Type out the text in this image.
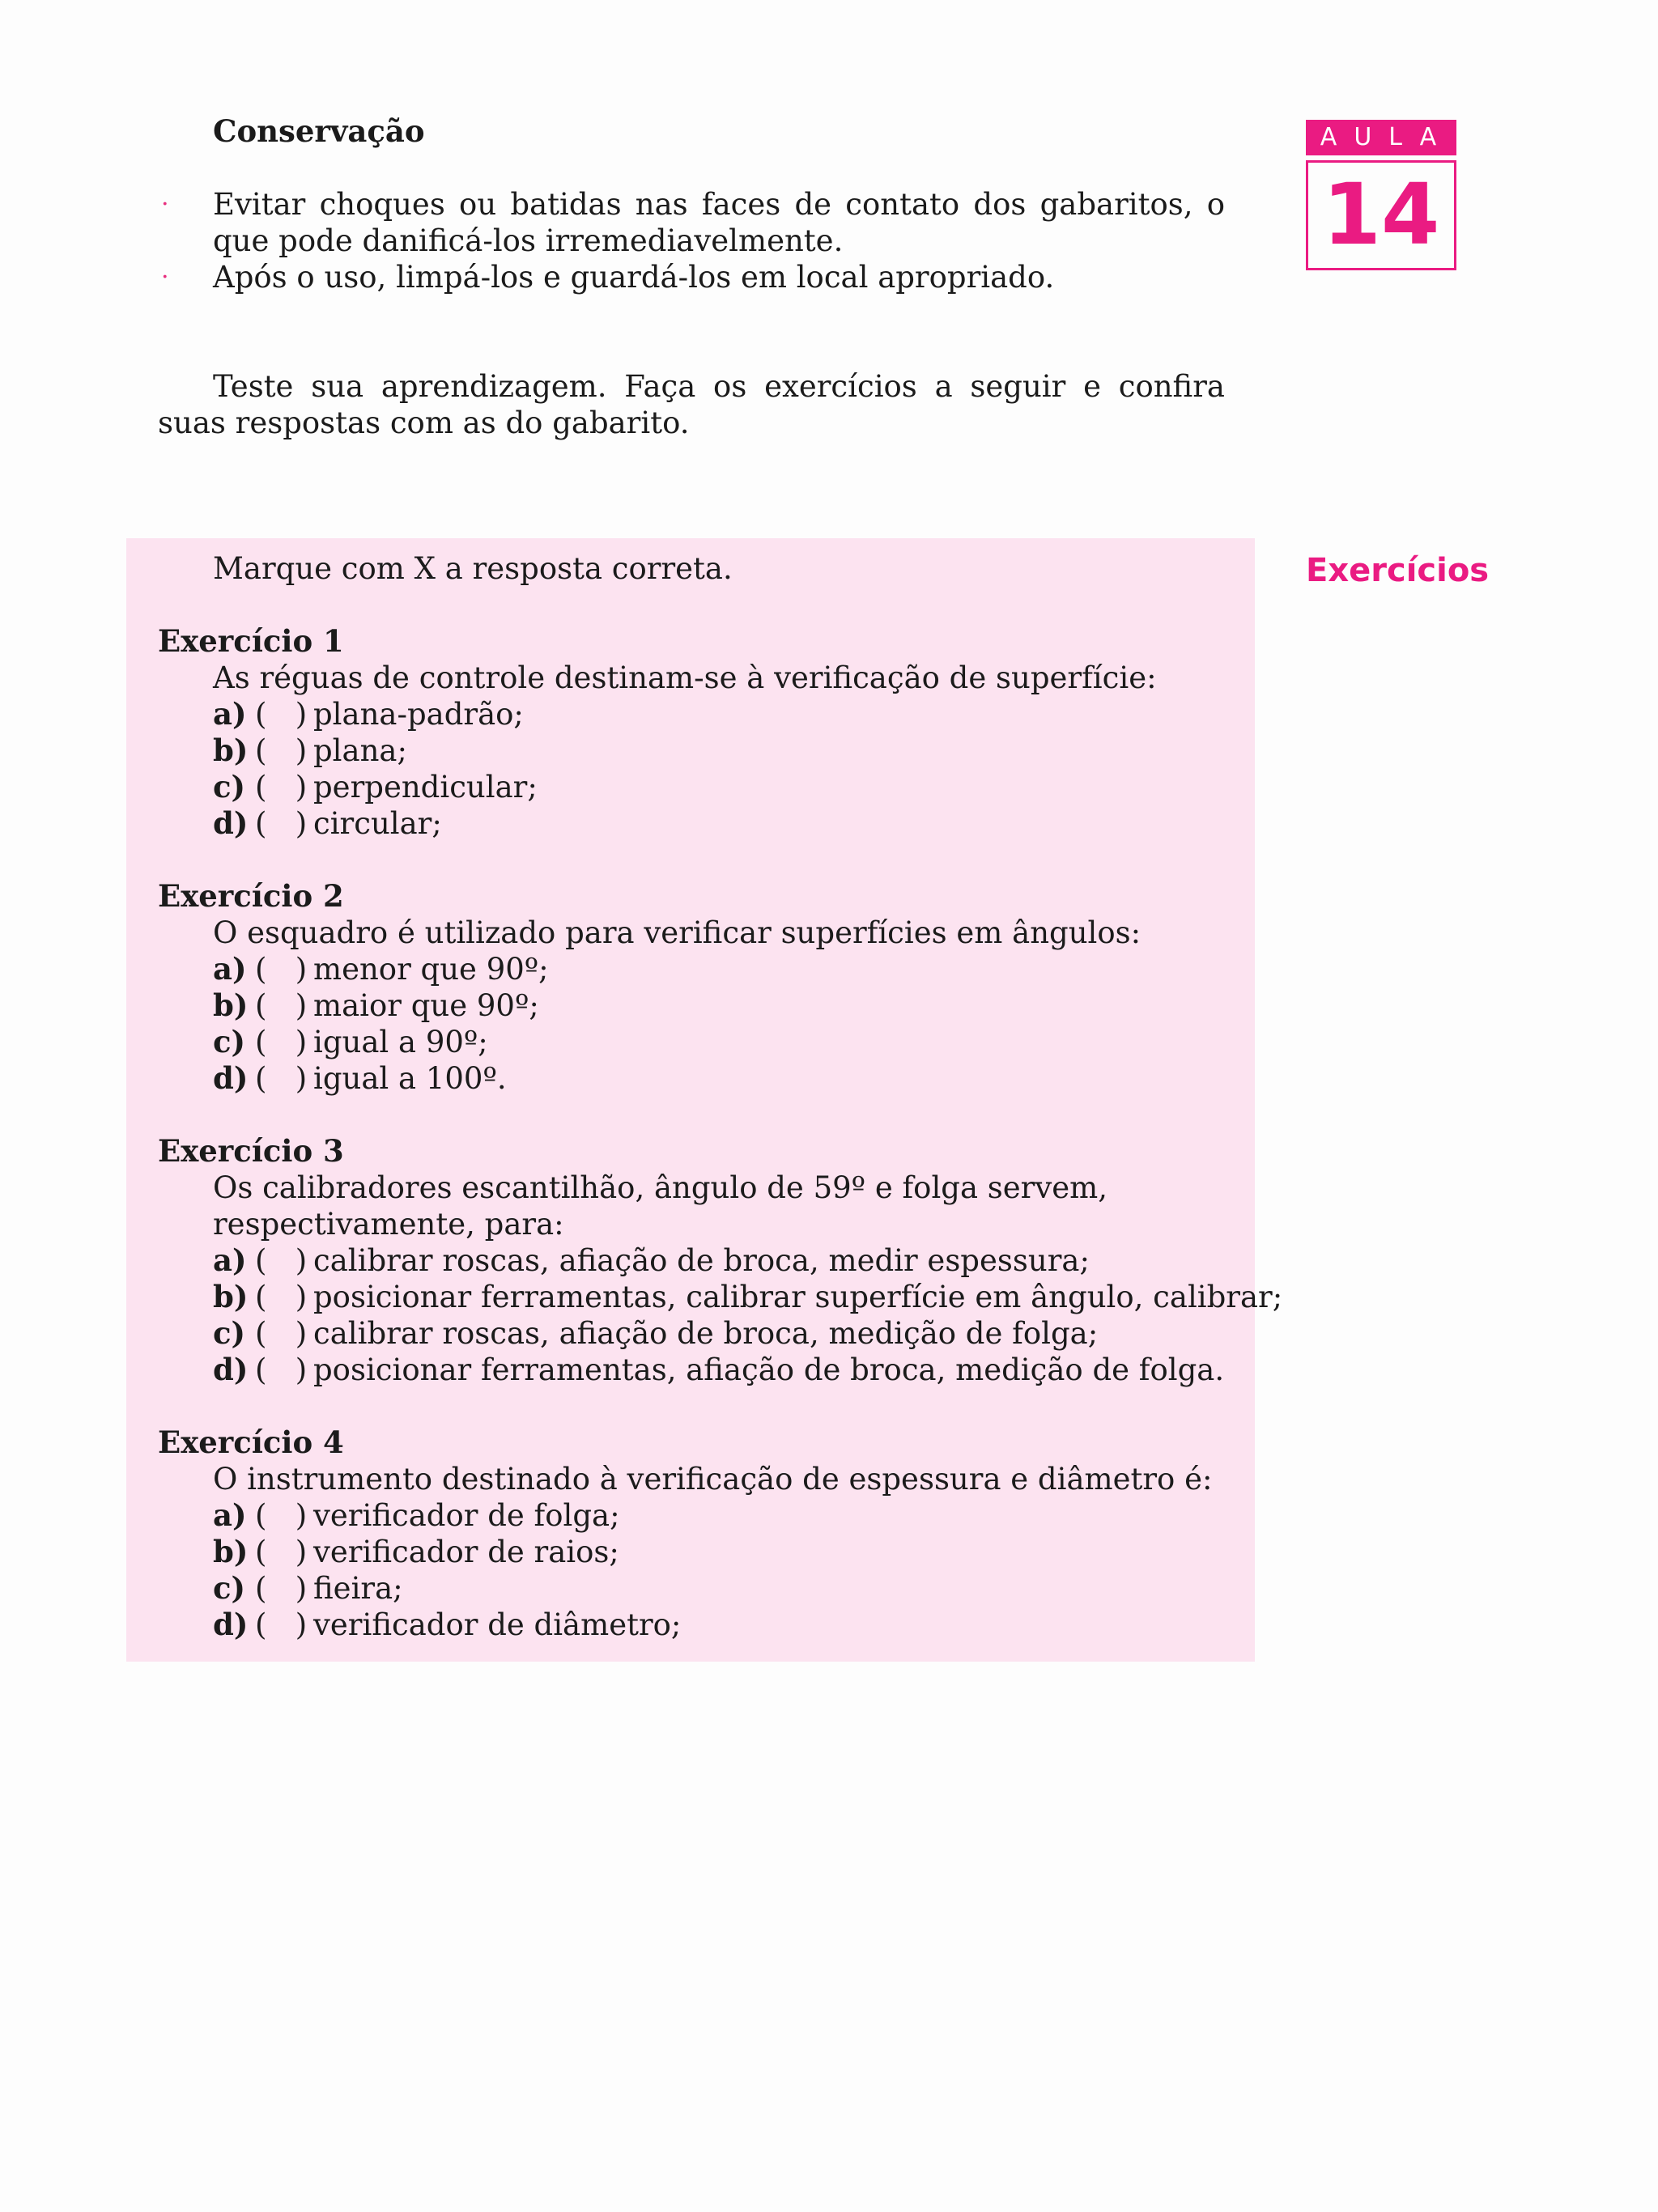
Conservação
· Evitar choques ou batidas nas faces de contato dos gabaritos, o que pode danificá-los irremediavelmente.
· Após o uso, limpá-los e guardá-los em local apropriado.
Teste sua aprendizagem. Faça os exercícios a seguir e confira suas respostas com as do gabarito.
AULA
14
Exercícios
Marque com X a resposta correta.
Exercício 1
As réguas de controle destinam-se à verificação de superfície:
a) (   ) plana-padrão;
b) (   ) plana;
c) (   ) perpendicular;
d) (   ) circular;
Exercício 2
O esquadro é utilizado para verificar superfícies em ângulos:
a) (   ) menor que 90º;
b) (   ) maior que 90º;
c) (   ) igual a 90º;
d) (   ) igual a 100º.
Exercício 3
Os calibradores escantilhão, ângulo de 59º e folga servem, respectivamente, para:
a) (   ) calibrar roscas, afiação de broca, medir espessura;
b) (   ) posicionar ferramentas, calibrar superfície em ângulo, calibrar;
c) (   ) calibrar roscas, afiação de broca, medição de folga;
d) (   ) posicionar ferramentas, afiação de broca, medição de folga.
Exercício 4
O instrumento destinado à verificação de espessura e diâmetro é:
a) (   ) verificador de folga;
b) (   ) verificador de raios;
c) (   ) fieira;
d) (   ) verificador de diâmetro;
